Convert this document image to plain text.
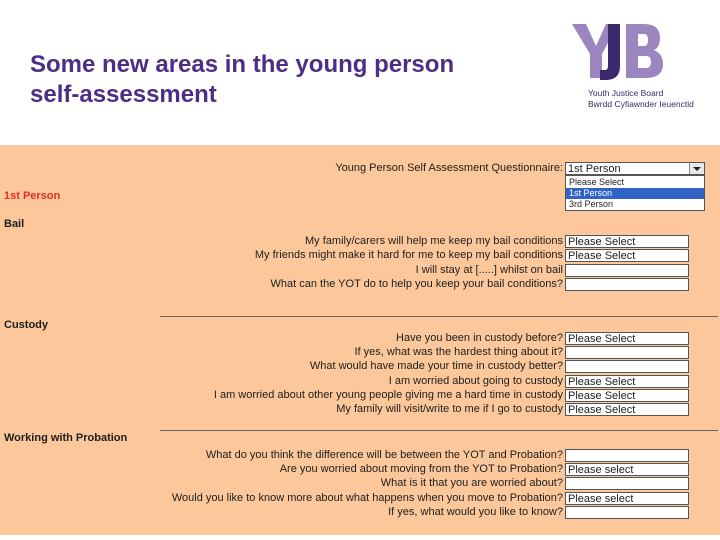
Some new areas in the young person
self-assessment	Youth Justice Board
Bwrdd Cyfiawnder Ieuenctid
Young Person Self Assessment Questionnaire: 1st Person
Please Select
1st Person
3rd Person
1st Person
Bail
My family/carers will help me keep my bail conditions Please Select
My friends might make it hard for me to keep my bail conditions Please Select
I will stay at [.....] whilst on bail
What can the YOT do to help you keep your bail conditions?
Custody
Have you been in custody before? Please Select
If yes, what was the hardest thing about it?
What would have made your time in custody better?
I am worried about going to custody Please Select
I am worried about other young people giving me a hard time in custody Please Select
My family will visit/write to me if I go to custody Please Select
Working with Probation
What do you think the difference will be between the YOT and Probation?
Are you worried about moving from the YOT to Probation? Please select
What is it that you are worried about?
Would you like to know more about what happens when you move to Probation? Please select
If yes, what would you like to know?
